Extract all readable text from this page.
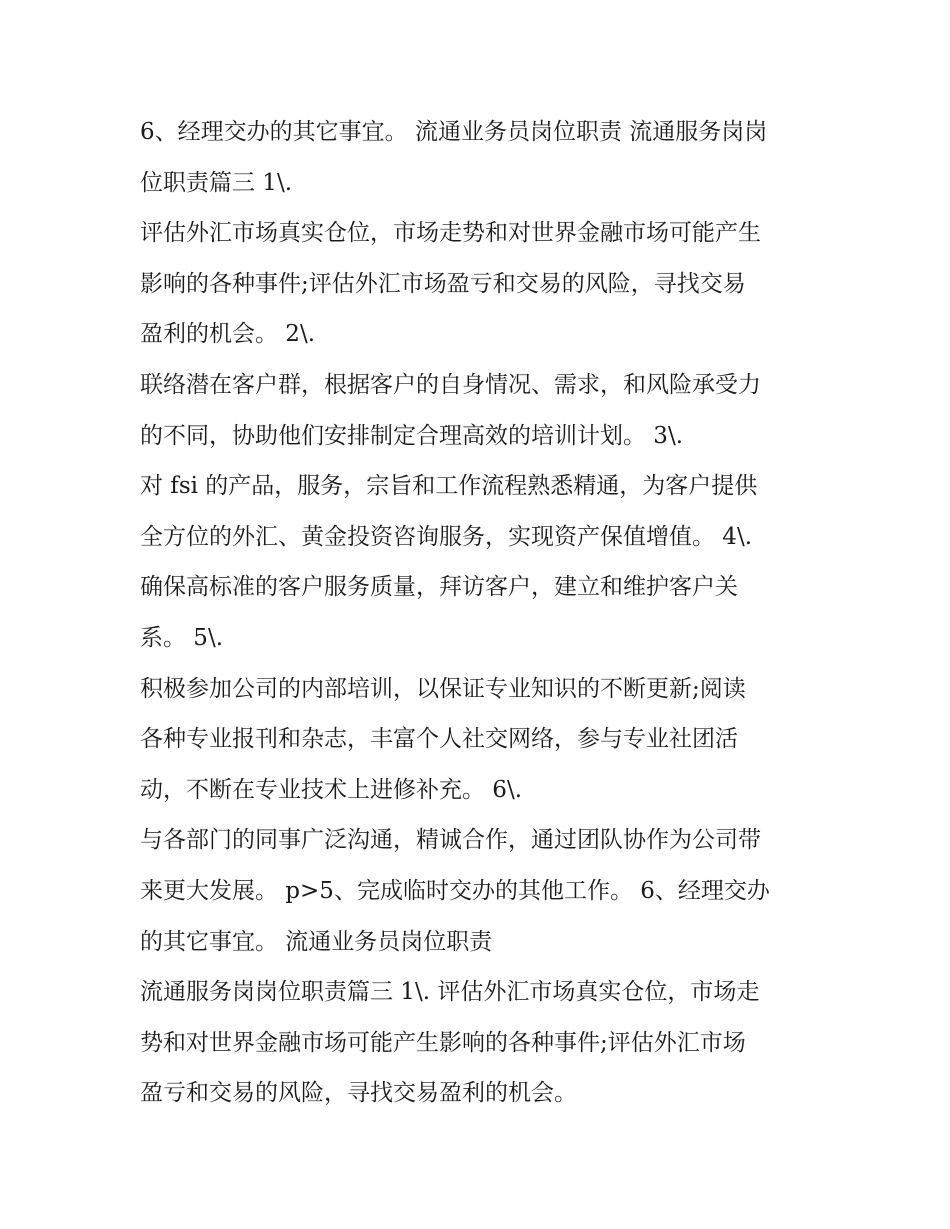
6、经理交办的其它事宜。 流通业务员岗位职责 流通服务岗岗
位职责篇三 1\.
评估外汇市场真实仓位，市场走势和对世界金融市场可能产生
影响的各种事件;评估外汇市场盈亏和交易的风险，寻找交易
盈利的机会。 2\.
联络潜在客户群，根据客户的自身情况、需求，和风险承受力
的不同，协助他们安排制定合理高效的培训计划。 3\.
对 fsi 的产品，服务，宗旨和工作流程熟悉精通，为客户提供
全方位的外汇、黄金投资咨询服务，实现资产保值增值。 4\.
确保高标准的客户服务质量，拜访客户，建立和维护客户关
系。 5\.
积极参加公司的内部培训，以保证专业知识的不断更新;阅读
各种专业报刊和杂志，丰富个人社交网络，参与专业社团活
动，不断在专业技术上进修补充。 6\.
与各部门的同事广泛沟通，精诚合作，通过团队协作为公司带
来更大发展。 p>5、完成临时交办的其他工作。 6、经理交办
的其它事宜。 流通业务员岗位职责
流通服务岗岗位职责篇三 1\. 评估外汇市场真实仓位，市场走
势和对世界金融市场可能产生影响的各种事件;评估外汇市场
盈亏和交易的风险，寻找交易盈利的机会。
